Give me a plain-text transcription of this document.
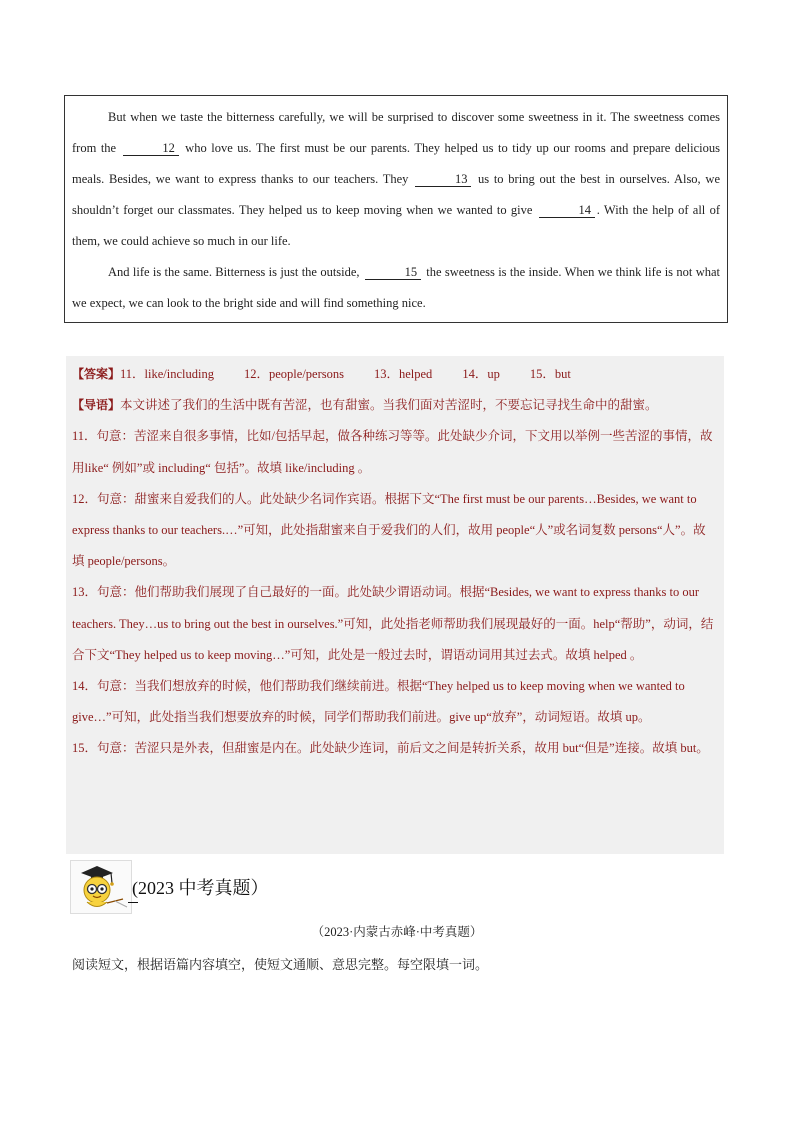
But when we taste the bitterness carefully, we will be surprised to discover some sweetness in it. The sweetness comes from the	12 who love us. The first must be our parents. They helped us to tidy up our rooms and prepare delicious meals. Besides, we want to express thanks to our teachers. They	13 us to bring out the best in ourselves. Also, we shouldn’t forget our classmates. They helped us to keep moving when we wanted to give	14 . With the help of all of them, we could achieve so much in our life.

And life is the same. Bitterness is just the outside,	15 the sweetness is the inside. When we think life is not what we expect, we can look to the bright side and will find something nice.

【答案】11．like/including 12．people/persons 13．helped 14．up 15．but

【导语】本文讲述了我们的生活中既有苦涩，也有甜蜜。当我们面对苦涩时，不要忘记寻找生命中的甜蜜。

11．句意：苦涩来自很多事情，比如/包括早起，做各种练习等等。此处缺少介词，下文用以举例一些苦涩的事情，故用like“ 例如”或 including“ 包括”。故填 like/including 。

12．句意：甜蜜来自爱我们的人。此处缺少名词作宾语。根据下文“The first must be our parents…Besides, we want to express thanks to our teachers.…”可知，此处指甜蜜来自于爱我们的人们，故用 people“人”或名词复数 persons“人”。故填 people/persons。

13．句意：他们帮助我们展现了自己最好的一面。此处缺少谓语动词。根据“Besides, we want to express thanks to our teachers. They…us to bring out the best in ourselves.”可知，此处指老师帮助我们展现最好的一面。help“帮助”，动词，结合下文“They helped us to keep moving…”可知，此处是一般过去时，谓语动词用其过去式。故填 helped 。

14．句意：当我们想放弃的时候，他们帮助我们继续前进。根据“They helped us to keep moving when we wanted to give…”可知，此处指当我们想要放弃的时候，同学们帮助我们前进。give up“放弃”，动词短语。故填 up。

15．句意：苦涩只是外表，但甜蜜是内在。此处缺少连词，前后文之间是转折关系，故用 but“但是”连接。故填 but。

(2023 中考真题）
（2023·内蒙古赤峰·中考真题）
阅读短文，根据语篇内容填空，使短文通顺、意思完整。每空限填一词。
